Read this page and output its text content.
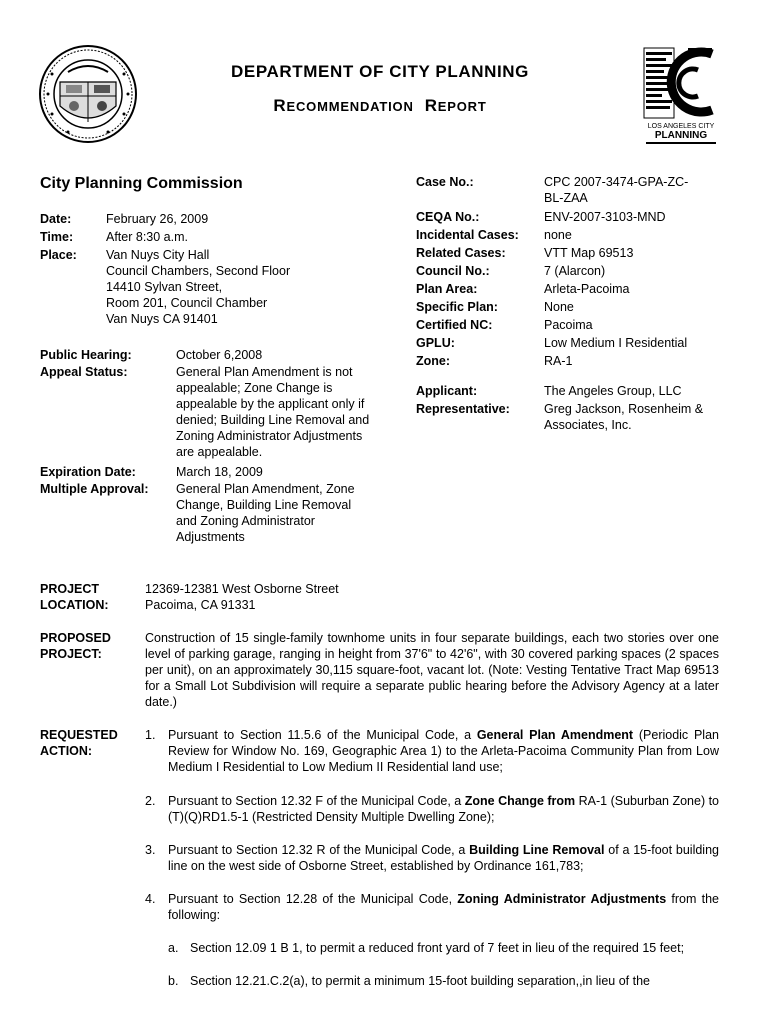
DEPARTMENT OF CITY PLANNING
RECOMMENDATION REPORT
LOS ANGELES CITY
PLANNING
City Planning Commission
Date:	February 26, 2009
Time:	After 8:30 a.m.
Place: Van Nuys City Hall
Council Chambers, Second Floor
14410 Sylvan Street,
Room 201, Council Chamber
Van Nuys CA 91401
Public Hearing:	October 6,2008
Appeal Status:	General Plan Amendment is not
appealable; Zone Change is
appealable by the applicant only if
denied; Building Line Removal and
Zoning Administrator Adjustments
are appealable.
Expiration Date:	March 18, 2009
Multiple Approval: General Plan Amendment, Zone
Change, Building Line Removal
and Zoning Administrator
Adjustments
Case No.:	CPC 2007-3474-GPA-ZC-
BL-ZAA
CEQA No.:	ENV-2007-3103-MND
Incidental Cases: none
Related Cases:	VTT Map 69513
Council No.:	7 (Alarcon)
Plan Area:	Arleta-Pacoima
Specific Plan:	None
Certified NC:	Pacoima
GPLU:	Low Medium I Residential
Zone:	RA-1
Applicant:	The Angeles Group, LLC
Representative:	Greg Jackson, Rosenheim &
Associates, Inc.
PROJECT
LOCATION:
12369-12381 West Osborne Street
Pacoima, CA 91331
PROPOSED
PROJECT:
Construction of 15 single-family townhome units in four separate buildings, each two stories over one level of parking garage, ranging in height from 37'6" to 42'6", with 30 covered parking spaces (2 spaces per unit), on an approximately 30,115 square-foot, vacant lot. (Note: Vesting Tentative Tract Map 69513 for a Small Lot Subdivision will require a separate public hearing before the Advisory Agency at a later date.)
REQUESTED
ACTION:
1.	Pursuant to Section 11.5.6 of the Municipal Code, a General Plan Amendment (Periodic Plan Review for Window No. 169, Geographic Area 1) to the Arleta-Pacoima Community Plan from Low Medium I Residential to Low Medium II Residential land use;
2.	Pursuant to Section 12.32 F of the Municipal Code, a Zone Change from RA-1 (Suburban Zone) to (T)(Q)RD1.5-1 (Restricted Density Multiple Dwelling Zone);
3.	Pursuant to Section 12.32 R of the Municipal Code, a Building Line Removal of a 15-foot building line on the west side of Osborne Street, established by Ordinance 161,783;
4.	Pursuant to Section 12.28 of the Municipal Code, Zoning Administrator Adjustments from the following:
a. Section 12.09 1 B 1, to permit a reduced front yard of 7 feet in lieu of the required 15 feet;
b. Section 12.21.C.2(a), to permit a minimum 15-foot building separation,,in lieu of the
